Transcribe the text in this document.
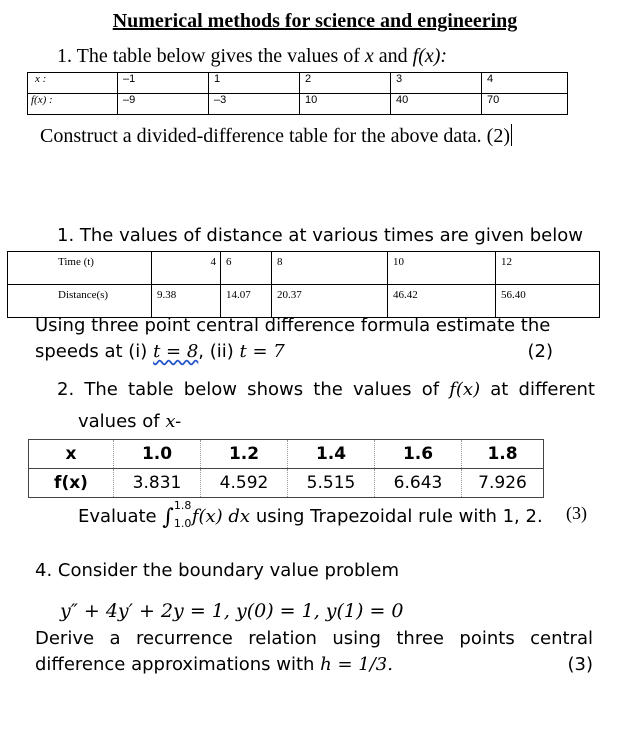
Numerical methods for science and engineering
1. The table below gives the values of x and f(x):
x :	–1	1	2	3	4
f(x) :	–9	–3	10	40	70
Construct a divided-difference table for the above data. (2)
1. The values of distance at various times are given below
Time (t)	4	6	8	10	12
Distance(s)	9.38	14.07	20.37	46.42	56.40
Using three point central difference formula estimate the
speeds at (i) t = 8, (ii) t = 7	(2)
2. The table below shows the values of f(x) at different
values of x-
x	1.0	1.2	1.4	1.6	1.8
f(x)	3.831	4.592	5.515	6.643	7.926
Evaluate ∫ 1.8
1.0 f(x) dx using Trapezoidal rule with 1, 2. (3)
4. Consider the boundary value problem
y″ + 4y′ + 2y = 1, y(0) = 1, y(1) = 0
Derive a recurrence relation using three points central
difference approximations with h = 1/3.	(3)
